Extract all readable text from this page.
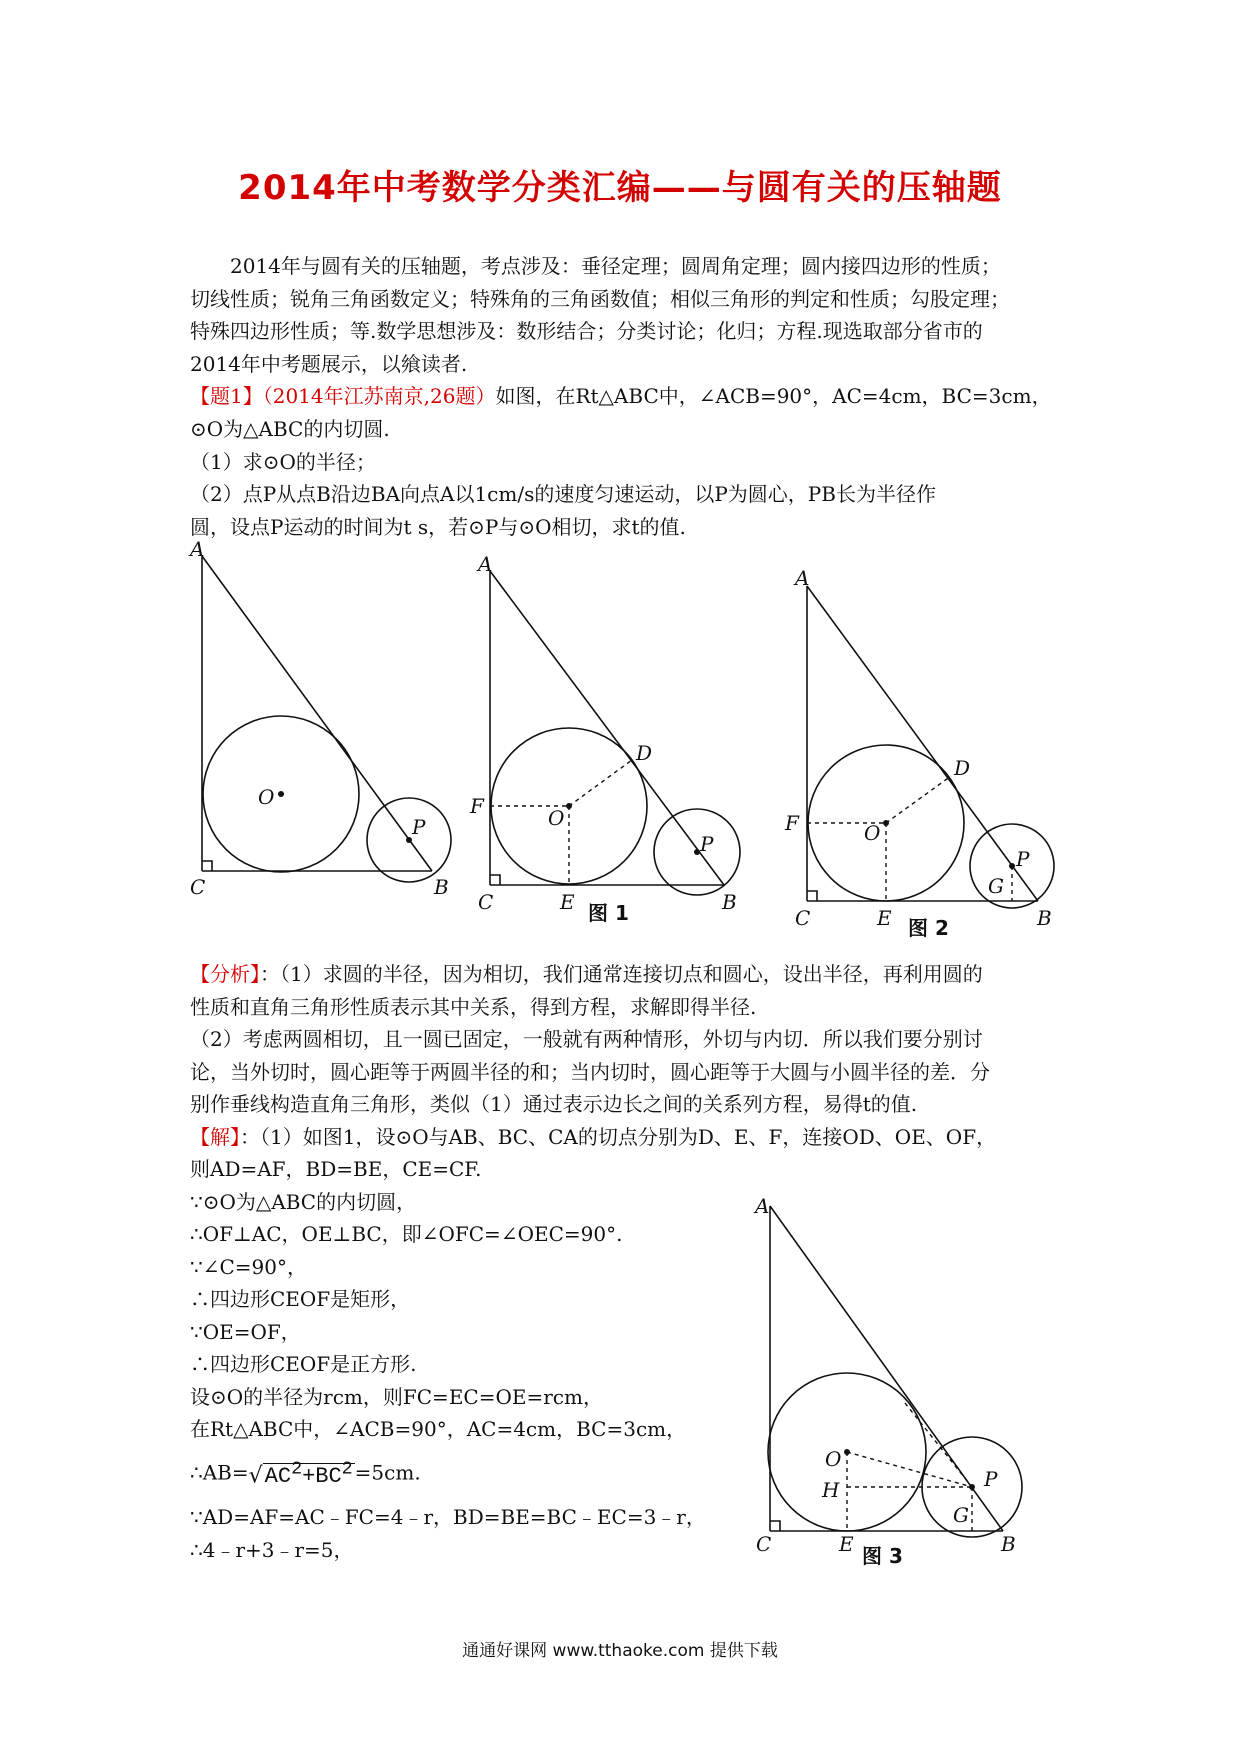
2014年中考数学分类汇编——与圆有关的压轴题

2014年与圆有关的压轴题，考点涉及：垂径定理；圆周角定理；圆内接四边形的性质；

切线性质；锐角三角函数定义；特殊角的三角函数值；相似三角形的判定和性质；勾股定理；

特殊四边形性质；等.数学思想涉及：数形结合；分类讨论；化归；方程.现选取部分省市的

2014年中考题展示，以飨读者.

【题1】（2014年江苏南京,26题）如图，在Rt△ABC中，∠ACB=90°，AC=4cm，BC=3cm，

⊙O为△ABC的内切圆.

（1）求⊙O的半径；

（2）点P从点B沿边BA向点A以1cm/s的速度匀速运动，以P为圆心，PB长为半径作

圆，设点P运动的时间为t s，若⊙P与⊙O相切，求t的值.

A
C	B
O
P
A
F	O
D
P
C	E	B
图 1
A
F	O
D
P
G
C	E	B
图 2

【分析】：（1）求圆的半径，因为相切，我们通常连接切点和圆心，设出半径，再利用圆的

性质和直角三角形性质表示其中关系，得到方程，求解即得半径.

（2）考虑两圆相切，且一圆已固定，一般就有两种情形，外切与内切．所以我们要分别讨

论，当外切时，圆心距等于两圆半径的和；当内切时，圆心距等于大圆与小圆半径的差．分

别作垂线构造直角三角形，类似（1）通过表示边长之间的关系列方程，易得t的值.

【解】：（1）如图1，设⊙O与AB、BC、CA的切点分别为D、E、F，连接OD、OE、OF，

则AD=AF，BD=BE，CE=CF.

∵⊙O为△ABC的内切圆，

∴OF⊥AC，OE⊥BC，即∠OFC=∠OEC=90°.

∵∠C=90°，

∴四边形CEOF是矩形，

∵OE=OF，

∴四边形CEOF是正方形.

设⊙O的半径为rcm，则FC=EC=OE=rcm，

在Rt△ABC中，∠ACB=90°，AC=4cm，BC=3cm，

$\therefore AB=√AC^2+BC^2 =5cm$.

∵AD=AF=AC﹣FC=4﹣r，BD=BE=BC﹣EC=3﹣r，

∴4﹣r+3﹣r=5，

A
O
H	P
G
C	E	B
图 3
通通好课网 www.tthaoke.com 提供下载
